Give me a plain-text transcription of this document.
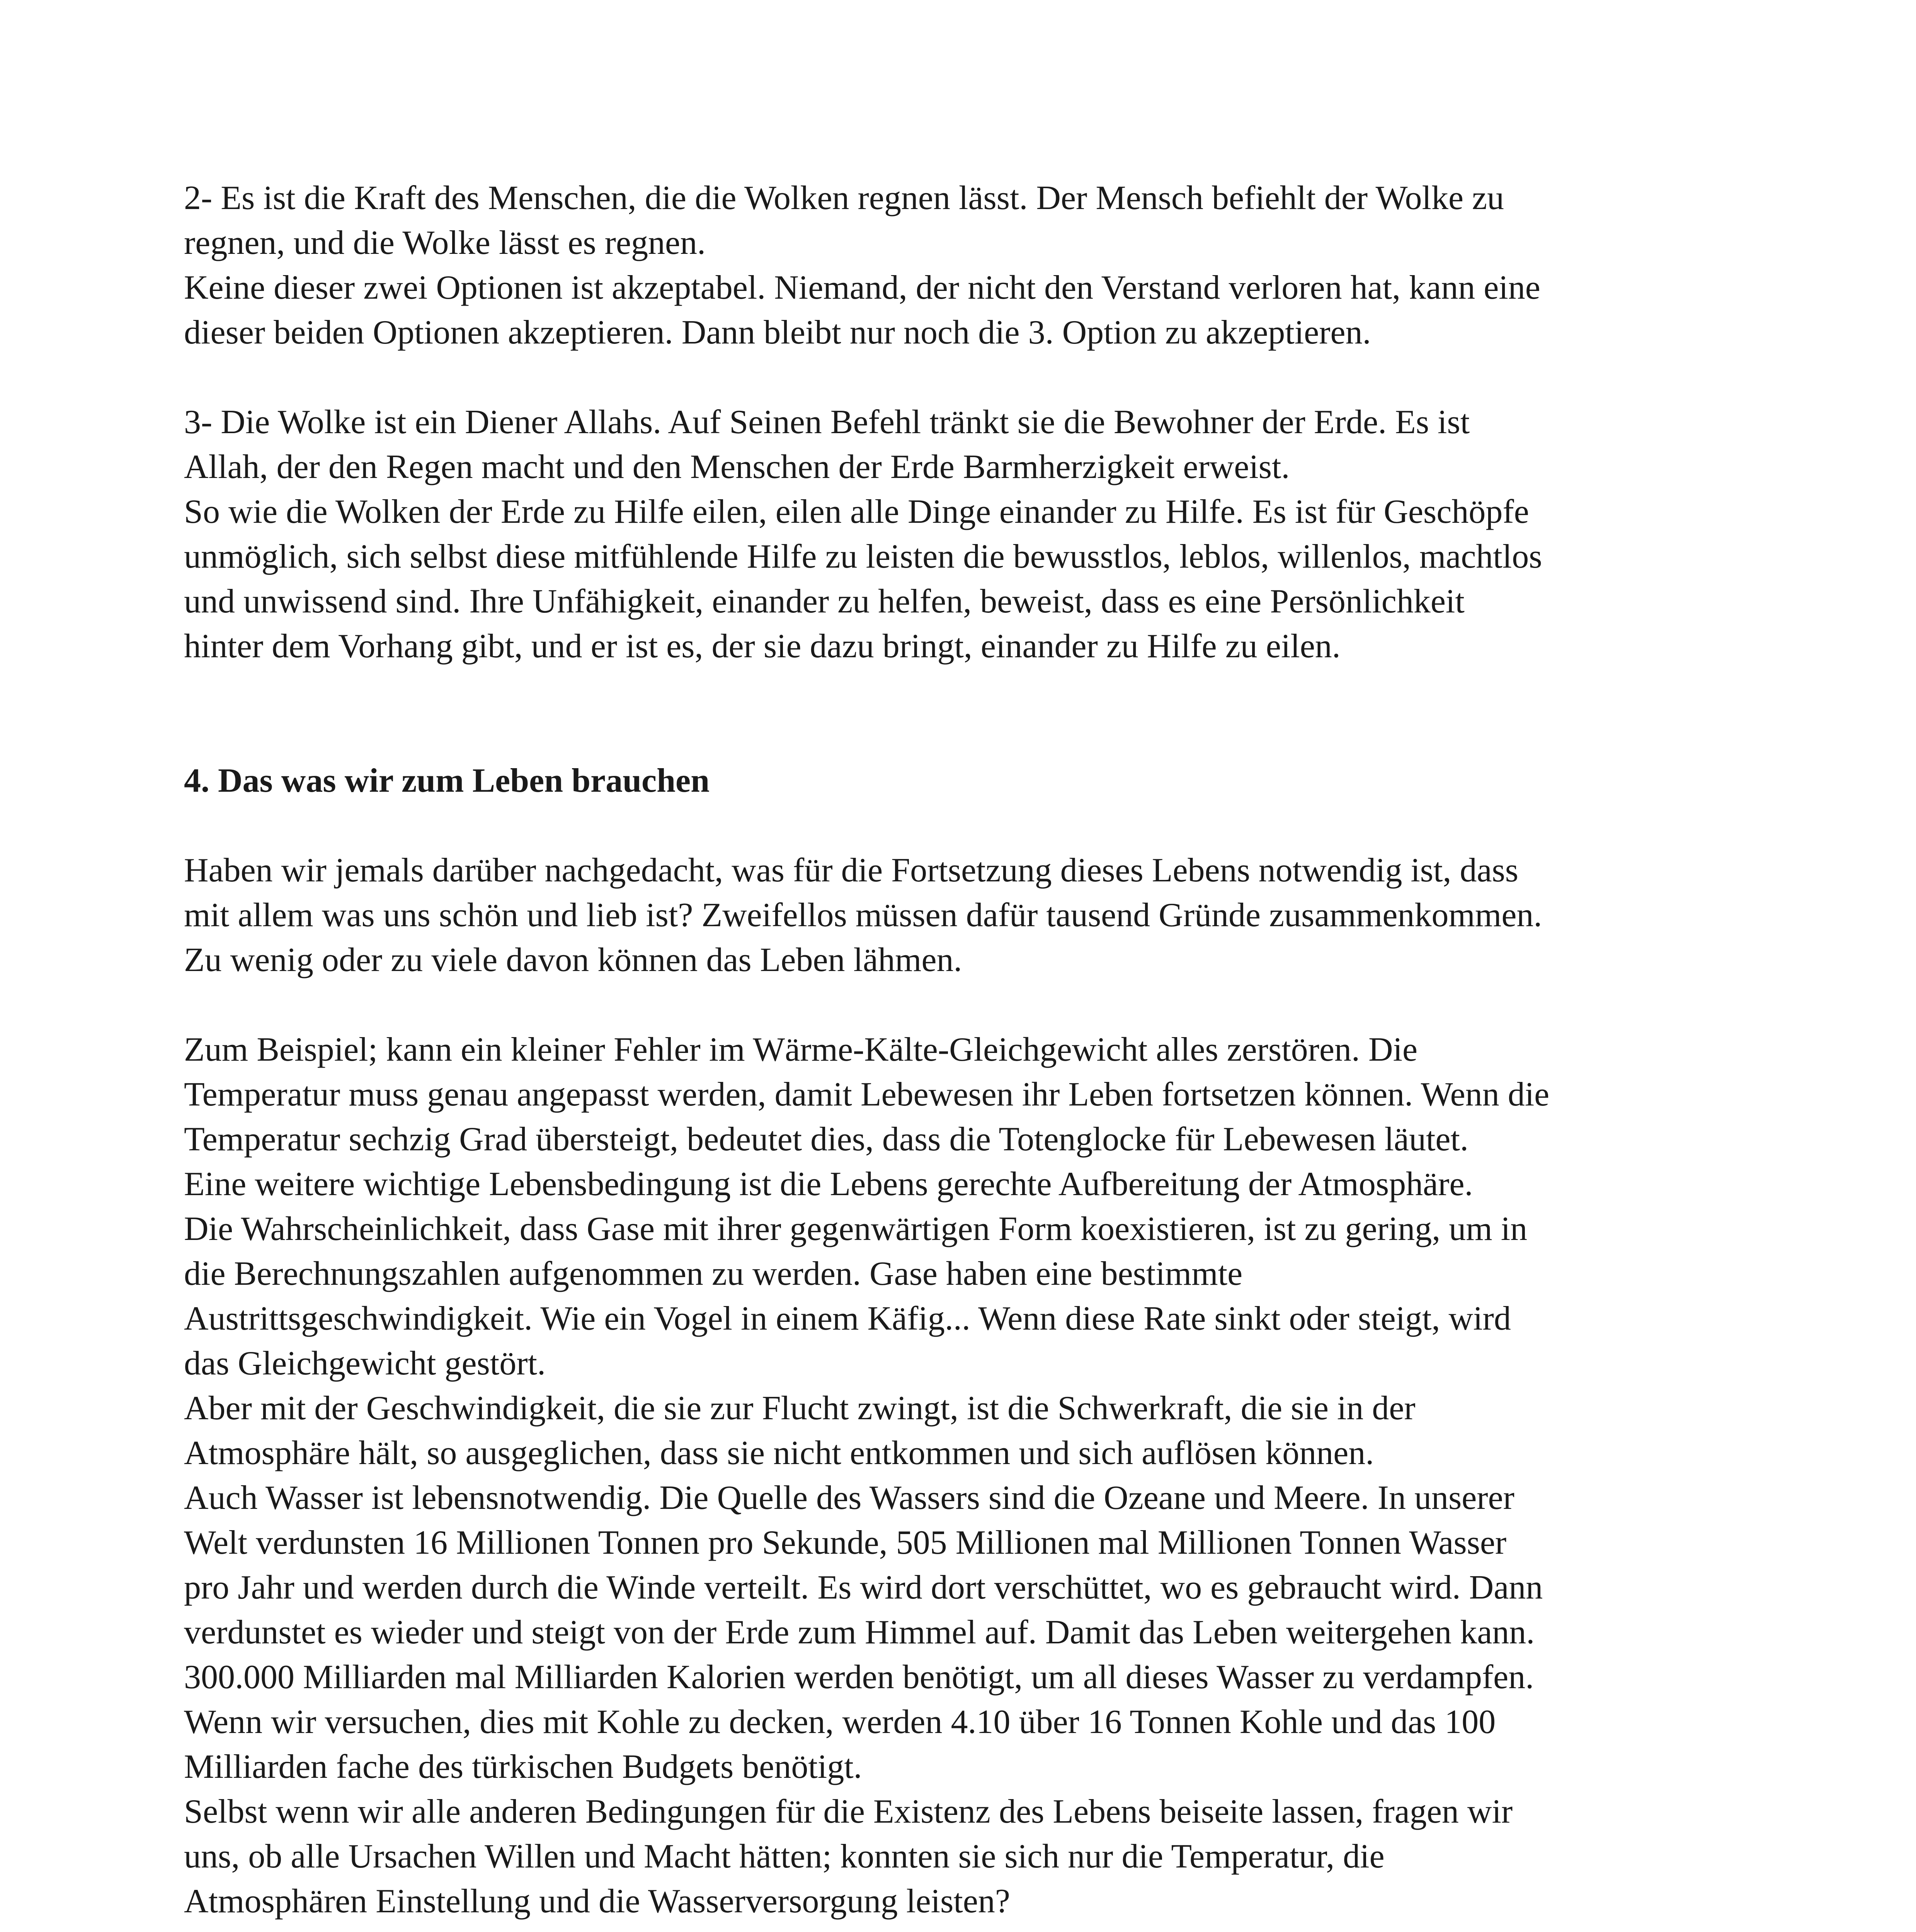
2- Es ist die Kraft des Menschen, die die Wolken regnen lässt. Der Mensch befiehlt der Wolke zu

regnen, und die Wolke lässt es regnen.

Keine dieser zwei Optionen ist akzeptabel. Niemand, der nicht den Verstand verloren hat, kann eine

dieser beiden Optionen akzeptieren. Dann bleibt nur noch die 3. Option zu akzeptieren.

3- Die Wolke ist ein Diener Allahs. Auf Seinen Befehl tränkt sie die Bewohner der Erde. Es ist

Allah, der den Regen macht und den Menschen der Erde Barmherzigkeit erweist.

So wie die Wolken der Erde zu Hilfe eilen, eilen alle Dinge einander zu Hilfe. Es ist für Geschöpfe

unmöglich, sich selbst diese mitfühlende Hilfe zu leisten die bewusstlos, leblos, willenlos, machtlos

und unwissend sind. Ihre Unfähigkeit, einander zu helfen, beweist, dass es eine Persönlichkeit

hinter dem Vorhang gibt, und er ist es, der sie dazu bringt, einander zu Hilfe zu eilen.

4. Das was wir zum Leben brauchen

Haben wir jemals darüber nachgedacht, was für die Fortsetzung dieses Lebens notwendig ist, dass

mit allem was uns schön und lieb ist? Zweifellos müssen dafür tausend Gründe zusammenkommen.

Zu wenig oder zu viele davon können das Leben lähmen.

Zum Beispiel; kann ein kleiner Fehler im Wärme-Kälte-Gleichgewicht alles zerstören. Die

Temperatur muss genau angepasst werden, damit Lebewesen ihr Leben fortsetzen können. Wenn die

Temperatur sechzig Grad übersteigt, bedeutet dies, dass die Totenglocke für Lebewesen läutet.

Eine weitere wichtige Lebensbedingung ist die Lebens gerechte Aufbereitung der Atmosphäre.

Die Wahrscheinlichkeit, dass Gase mit ihrer gegenwärtigen Form koexistieren, ist zu gering, um in

die Berechnungszahlen aufgenommen zu werden. Gase haben eine bestimmte

Austrittsgeschwindigkeit. Wie ein Vogel in einem Käfig... Wenn diese Rate sinkt oder steigt, wird

das Gleichgewicht gestört.

Aber mit der Geschwindigkeit, die sie zur Flucht zwingt, ist die Schwerkraft, die sie in der

Atmosphäre hält, so ausgeglichen, dass sie nicht entkommen und sich auflösen können.

Auch Wasser ist lebensnotwendig. Die Quelle des Wassers sind die Ozeane und Meere. In unserer

Welt verdunsten 16 Millionen Tonnen pro Sekunde, 505 Millionen mal Millionen Tonnen Wasser

pro Jahr und werden durch die Winde verteilt. Es wird dort verschüttet, wo es gebraucht wird. Dann

verdunstet es wieder und steigt von der Erde zum Himmel auf. Damit das Leben weitergehen kann.

300.000 Milliarden mal Milliarden Kalorien werden benötigt, um all dieses Wasser zu verdampfen.

Wenn wir versuchen, dies mit Kohle zu decken, werden 4.10 über 16 Tonnen Kohle und das 100

Milliarden fache des türkischen Budgets benötigt.

Selbst wenn wir alle anderen Bedingungen für die Existenz des Lebens beiseite lassen, fragen wir

uns, ob alle Ursachen Willen und Macht hätten; konnten sie sich nur die Temperatur, die

Atmosphären Einstellung und die Wasserversorgung leisten?
